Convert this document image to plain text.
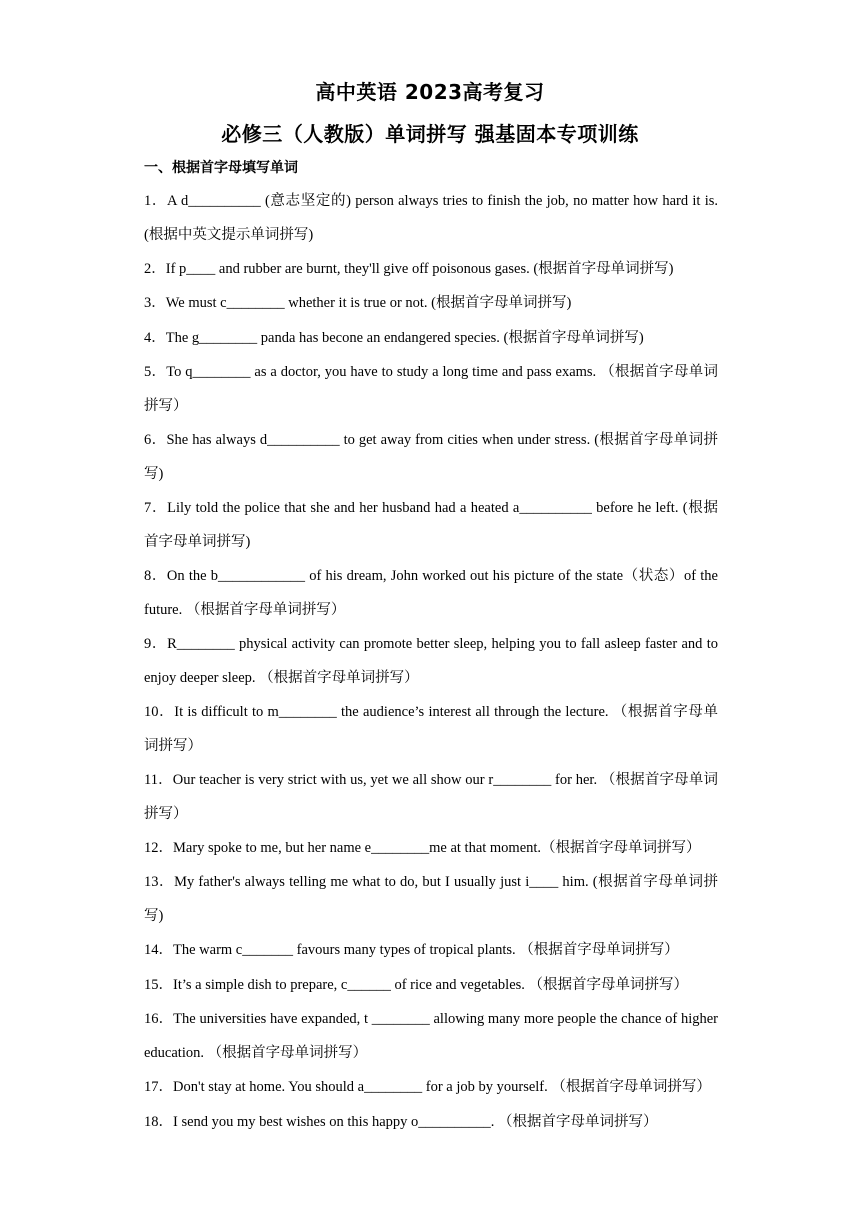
高中英语 2023高考复习
必修三（人教版）单词拼写 强基固本专项训练
一、根据首字母填写单词
1．A d__________ (意志坚定的) person always tries to finish the job, no matter how hard it is.(根据中英文提示单词拼写)
2．If p____ and rubber are burnt, they'll give off poisonous gases. (根据首字母单词拼写)
3．We must c________ whether it is true or not. (根据首字母单词拼写)
4．The g________ panda has becone an endangered species. (根据首字母单词拼写)
5．To q________ as a doctor, you have to study a long time and pass exams. （根据首字母单词拼写）
6．She has always d__________ to get away from cities when under stress. (根据首字母单词拼写)
7．Lily told the police that she and her husband had a heated a__________ before he left. (根据首字母单词拼写)
8．On the b____________ of his dream, John worked out his picture of the state（状态）of the future. （根据首字母单词拼写）
9．R________ physical activity can promote better sleep, helping you to fall asleep faster and to enjoy deeper sleep. （根据首字母单词拼写）
10．It is difficult to m________ the audience’s interest all through the lecture. （根据首字母单词拼写）
11．Our teacher is very strict with us, yet we all show our r________ for her. （根据首字母单词拼写）
12．Mary spoke to me, but her name e________me at that moment.（根据首字母单词拼写）
13．My father's always telling me what to do, but I usually just i____ him. (根据首字母单词拼写)
14．The warm c_______ favours many types of tropical plants. （根据首字母单词拼写）
15．It’s a simple dish to prepare, c______ of rice and vegetables. （根据首字母单词拼写）
16．The universities have expanded, t ________ allowing many more people the chance of higher education. （根据首字母单词拼写）
17．Don't stay at home. You should a________ for a job by yourself. （根据首字母单词拼写）
18．I send you my best wishes on this happy o__________. （根据首字母单词拼写）
